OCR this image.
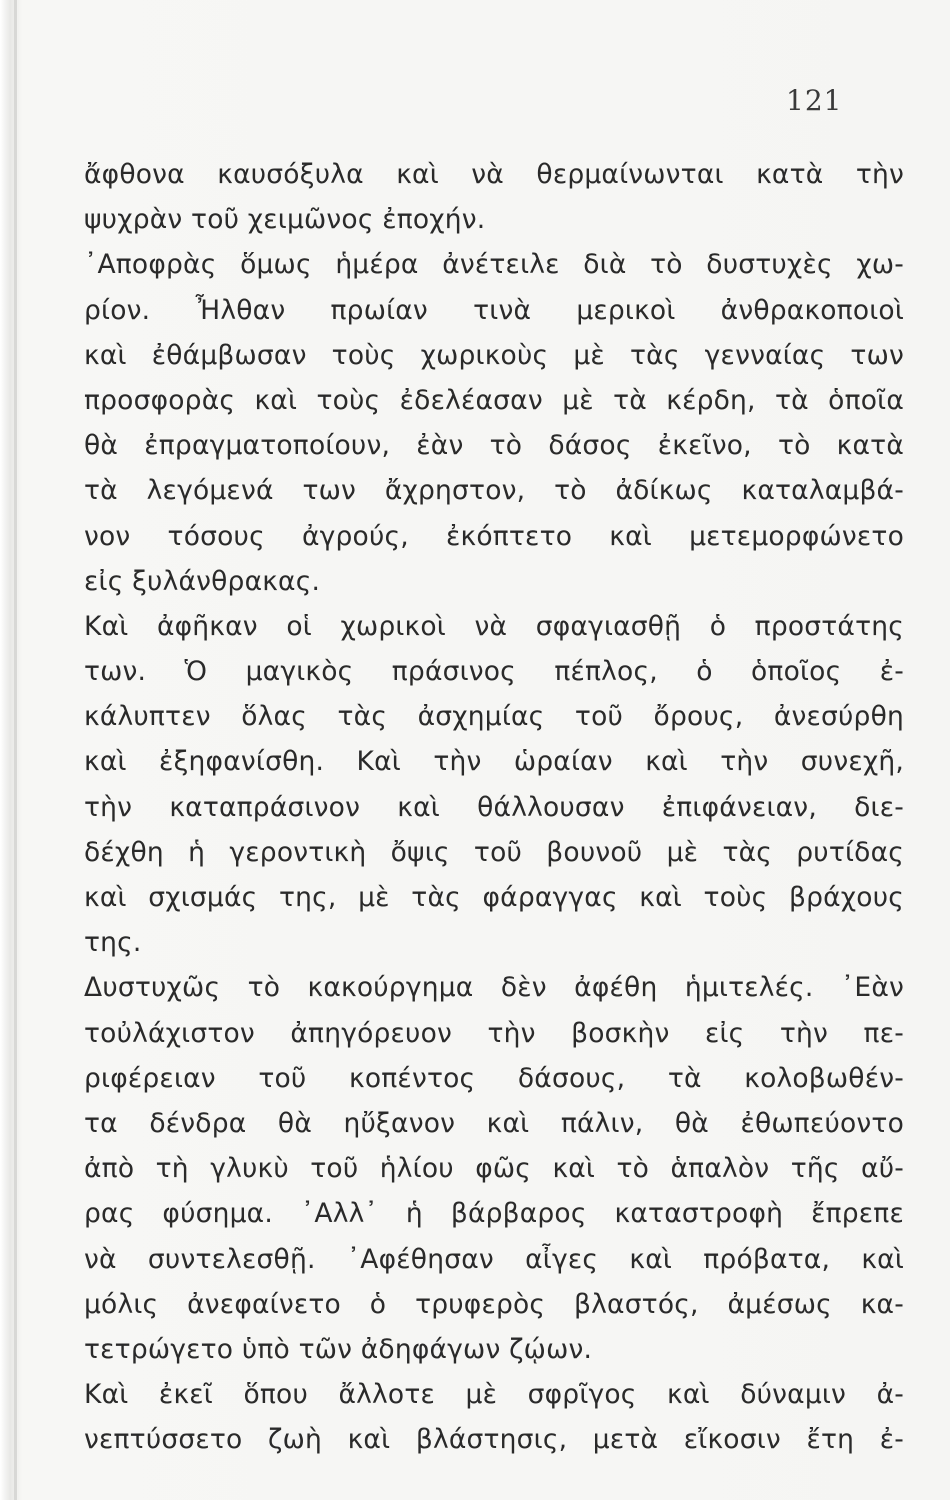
121
ἄφθονα καυσόξυλα καὶ νὰ θερμαίνωνται κατὰ τὴν
ψυχρὰν τοῦ χειμῶνος ἐποχήν.
᾿Αποφρὰς ὅμως ἡμέρα ἀνέτειλε διὰ τὸ δυστυχὲς χω-
ρίον. Ἦλθαν πρωίαν τινὰ μερικοὶ ἀνθρακοποιοὶ
καὶ ἐθάμβωσαν τοὺς χωρικοὺς μὲ τὰς γενναίας των
προσφορὰς καὶ τοὺς ἐδελέασαν μὲ τὰ κέρδη, τὰ ὁποῖα
θὰ ἐπραγματοποίουν, ἐὰν τὸ δάσος ἐκεῖνο, τὸ κατὰ
τὰ λεγόμενά των ἄχρηστον, τὸ ἀδίκως καταλαμβά-
νον τόσους ἀγρούς, ἐκόπτετο καὶ μετεμορφώνετο
εἰς ξυλάνθρακας.
Καὶ ἀφῆκαν οἱ χωρικοὶ νὰ σφαγιασθῇ ὁ προστάτης
των. Ὁ μαγικὸς πράσινος πέπλος, ὁ ὁποῖος ἐ-
κάλυπτεν ὅλας τὰς ἀσχημίας τοῦ ὄρους, ἀνεσύρθη
καὶ ἐξηφανίσθη. Καὶ τὴν ὡραίαν καὶ τὴν συνεχῆ,
τὴν καταπράσινον καὶ θάλλουσαν ἐπιφάνειαν, διε-
δέχθη ἡ γεροντικὴ ὄψις τοῦ βουνοῦ μὲ τὰς ρυτίδας
καὶ σχισμάς της, μὲ τὰς φάραγγας καὶ τοὺς βράχους
της.
Δυστυχῶς τὸ κακούργημα δὲν ἀφέθη ἡμιτελές. ᾿Εὰν
τοὐλάχιστον ἀπηγόρευον τὴν βοσκὴν εἰς τὴν πε-
ριφέρειαν τοῦ κοπέντος δάσους, τὰ κολοβωθέν-
τα δένδρα θὰ ηὔξανον καὶ πάλιν, θὰ ἐθωπεύοντο
ἀπὸ τὴ γλυκὺ τοῦ ἡλίου φῶς καὶ τὸ ἁπαλὸν τῆς αὔ-
ρας φύσημα. ᾿Αλλ᾿ ἡ βάρβαρος καταστροφὴ ἔπρεπε
νὰ συντελεσθῇ. ᾿Αφέθησαν αἶγες καὶ πρόβατα, καὶ
μόλις ἀνεφαίνετο ὁ τρυφερὸς βλαστός, ἀμέσως κα-
τετρώγετο ὑπὸ τῶν ἀδηφάγων ζῴων.
Καὶ ἐκεῖ ὅπου ἄλλοτε μὲ σφρῖγος καὶ δύναμιν ἀ-
νεπτύσσετο ζωὴ καὶ βλάστησις, μετὰ εἴκοσιν ἔτη ἐ-
